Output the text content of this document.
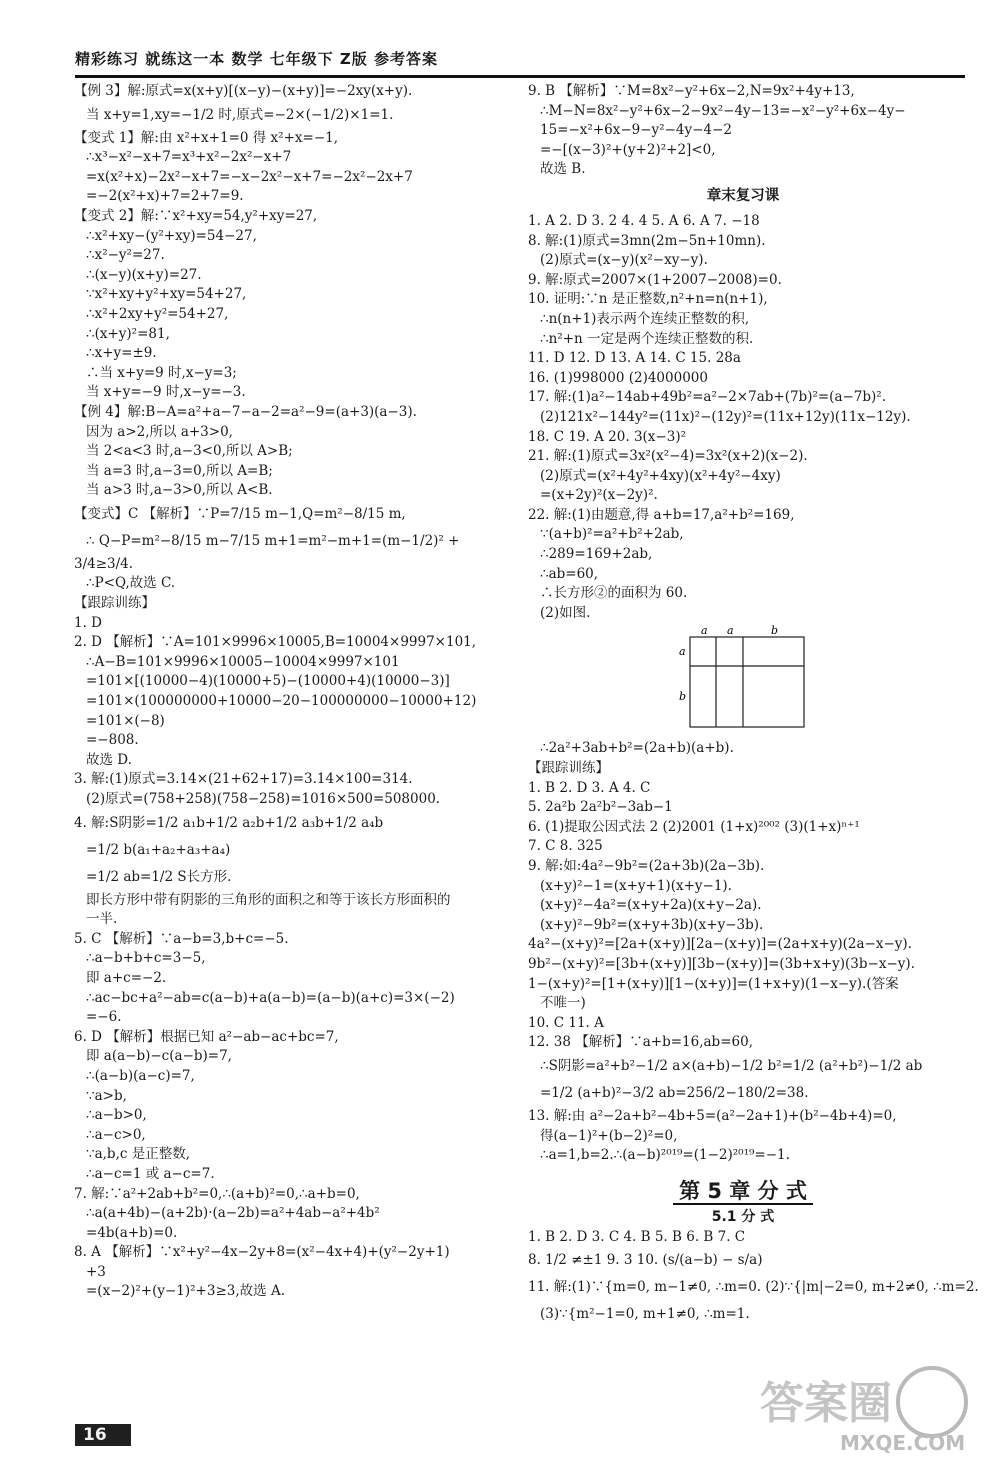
精彩练习 就练这一本 数学 七年级下 Z版 参考答案
【例 3】解:原式=x(x+y)[(x−y)−(x+y)]=−2xy(x+y).
当 x+y=1,xy=−1/2 时,原式=−2×(−1/2)×1=1.
【变式 1】解:由 x²+x+1=0 得 x²+x=−1,
∴x³−x²−x+7=x³+x²−2x²−x+7
=x(x²+x)−2x²−x+7=−x−2x²−x+7=−2x²−2x+7
=−2(x²+x)+7=2+7=9.
【变式 2】解:∵x²+xy=54,y²+xy=27,
∴x²+xy−(y²+xy)=54−27,
∴x²−y²=27.
∴(x−y)(x+y)=27.
∵x²+xy+y²+xy=54+27,
∴x²+2xy+y²=54+27,
∴(x+y)²=81,
∴x+y=±9.
∴当 x+y=9 时,x−y=3;
当 x+y=−9 时,x−y=−3.
【例 4】解:B−A=a²+a−7−a−2=a²−9=(a+3)(a−3).
因为 a>2,所以 a+3>0,
当 2<a<3 时,a−3<0,所以 A>B;
当 a=3 时,a−3=0,所以 A=B;
当 a>3 时,a−3>0,所以 A<B.
【变式】C 【解析】∵P=7/15 m−1,Q=m²−8/15 m,
∴ Q−P=m²−8/15 m−7/15 m+1=m²−m+1=(m−1/2)² +
3/4≥3/4.
∴P<Q,故选 C.
【跟踪训练】
1. D
2. D 【解析】∵A=101×9996×10005,B=10004×9997×101,
∴A−B=101×9996×10005−10004×9997×101
=101×[(10000−4)(10000+5)−(10000+4)(10000−3)]
=101×(100000000+10000−20−100000000−10000+12)
=101×(−8)
=−808.
故选 D.
3. 解:(1)原式=3.14×(21+62+17)=3.14×100=314.
(2)原式=(758+258)(758−258)=1016×500=508000.
4. 解:S阴影=1/2 a₁b+1/2 a₂b+1/2 a₃b+1/2 a₄b
=1/2 b(a₁+a₂+a₃+a₄)
=1/2 ab=1/2 S长方形.
即长方形中带有阴影的三角形的面积之和等于该长方形面积的
一半.
5. C 【解析】∵a−b=3,b+c=−5.
∴a−b+b+c=3−5,
即 a+c=−2.
∴ac−bc+a²−ab=c(a−b)+a(a−b)=(a−b)(a+c)=3×(−2)
=−6.
6. D 【解析】根据已知 a²−ab−ac+bc=7,
即 a(a−b)−c(a−b)=7,
∴(a−b)(a−c)=7,
∵a>b,
∴a−b>0,
∴a−c>0,
∵a,b,c 是正整数,
∴a−c=1 或 a−c=7.
7. 解:∵a²+2ab+b²=0,∴(a+b)²=0,∴a+b=0,
∴a(a+4b)−(a+2b)·(a−2b)=a²+4ab−a²+4b²
=4b(a+b)=0.
8. A 【解析】∵x²+y²−4x−2y+8=(x²−4x+4)+(y²−2y+1)
+3
=(x−2)²+(y−1)²+3≥3,故选 A.
9. B 【解析】∵M=8x²−y²+6x−2,N=9x²+4y+13,
∴M−N=8x²−y²+6x−2−9x²−4y−13=−x²−y²+6x−4y−
15=−x²+6x−9−y²−4y−4−2
=−[(x−3)²+(y+2)²+2]<0,
故选 B.
章末复习课
1. A 2. D 3. 2 4. 4 5. A 6. A 7. −18
8. 解:(1)原式=3mn(2m−5n+10mn).
(2)原式=(x−y)(x²−xy−y).
9. 解:原式=2007×(1+2007−2008)=0.
10. 证明:∵n 是正整数,n²+n=n(n+1),
∴n(n+1)表示两个连续正整数的积,
∴n²+n 一定是两个连续正整数的积.
11. D 12. D 13. A 14. C 15. 28a
16. (1)998000 (2)4000000
17. 解:(1)a²−14ab+49b²=a²−2×7ab+(7b)²=(a−7b)².
(2)121x²−144y²=(11x)²−(12y)²=(11x+12y)(11x−12y).
18. C 19. A 20. 3(x−3)²
21. 解:(1)原式=3x²(x²−4)=3x²(x+2)(x−2).
(2)原式=(x²+4y²+4xy)(x²+4y²−4xy)
=(x+2y)²(x−2y)².
22. 解:(1)由题意,得 a+b=17,a²+b²=169,
∵(a+b)²=a²+b²+2ab,
∴289=169+2ab,
∴ab=60,
∴长方形②的面积为 60.
(2)如图.
a a	b
a
b
∴2a²+3ab+b²=(2a+b)(a+b).
【跟踪训练】
1. B 2. D 3. A 4. C
5. 2a²b 2a²b²−3ab−1
6. (1)提取公因式法 2 (2)2001 (1+x)²⁰⁰² (3)(1+x)ⁿ⁺¹
7. C 8. 325
9. 解:如:4a²−9b²=(2a+3b)(2a−3b).
(x+y)²−1=(x+y+1)(x+y−1).
(x+y)²−4a²=(x+y+2a)(x+y−2a).
(x+y)²−9b²=(x+y+3b)(x+y−3b).
4a²−(x+y)²=[2a+(x+y)][2a−(x+y)]=(2a+x+y)(2a−x−y).
9b²−(x+y)²=[3b+(x+y)][3b−(x+y)]=(3b+x+y)(3b−x−y).
1−(x+y)²=[1+(x+y)][1−(x+y)]=(1+x+y)(1−x−y).(答案
不唯一)
10. C 11. A
12. 38 【解析】∵a+b=16,ab=60,
∴S阴影=a²+b²−1/2 a×(a+b)−1/2 b²=1/2 (a²+b²)−1/2 ab
=1/2 (a+b)²−3/2 ab=256/2−180/2=38.
13. 解:由 a²−2a+b²−4b+5=(a²−2a+1)+(b²−4b+4)=0,
得(a−1)²+(b−2)²=0,
∴a=1,b=2.∴(a−b)²⁰¹⁹=(1−2)²⁰¹⁹=−1.
第 5 章 分 式
5.1 分 式
1. B 2. D 3. C 4. B 5. B 6. B 7. C
8. 1/2 ≠±1 9. 3 10. (s/(a−b) − s/a)
11. 解:(1)∵{m=0, m−1≠0, ∴m=0. (2)∵{|m|−2=0, m+2≠0, ∴m=2.
(3)∵{m²−1=0, m+1≠0, ∴m=1.
16
答案圈
MXQE.COM
